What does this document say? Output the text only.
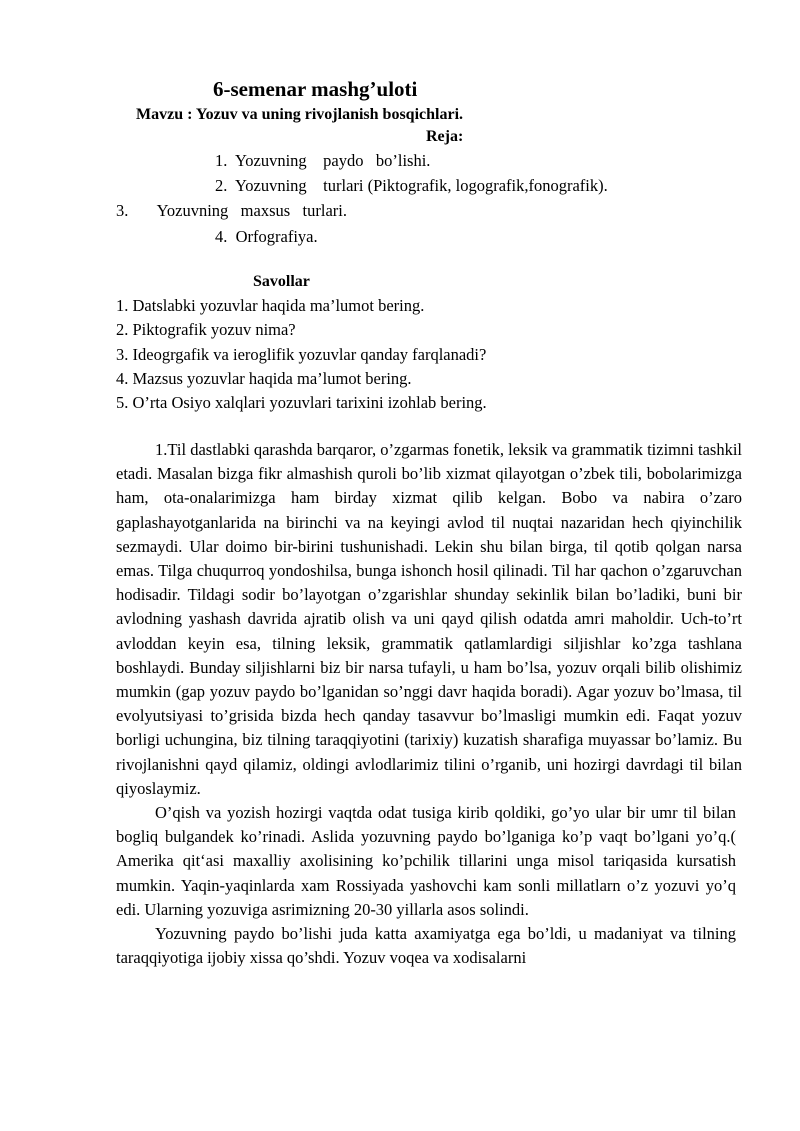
6-semenar mashg’uloti
Mavzu : Yozuv va uning rivojlanish bosqichlari.
Reja:
1.  Yozuvning    paydo   bo’lishi.
2.  Yozuvning    turlari (Piktografik, logografik,fonografik).
3.       Yozuvning   maxsus   turlari.
4.  Orfografiya.
Savollar
1. Datslabki yozuvlar haqida ma’lumot bering.
2. Piktografik yozuv nima?
3. Ideogrgafik va ieroglifik yozuvlar qanday farqlanadi?
4. Mazsus yozuvlar haqida ma’lumot bering.
5. O’rta Osiyo xalqlari yozuvlari tarixini izohlab bering.

1.Til dastlabki qarashda barqaror, o’zgarmas fonetik, leksik va grammatik tizimni tashkil etadi. Masalan bizga fikr almashish quroli bo’lib xizmat qilayotgan o’zbek tili, bobolarimizga ham, ota-onalarimizga ham birday xizmat qilib kelgan. Bobo va nabira o’zaro gaplashayotganlarida na birinchi va na keyingi avlod til nuqtai nazaridan hech qiyinchilik sezmaydi. Ular doimo bir-birini tushunishadi. Lekin shu bilan birga, til qotib qolgan narsa emas. Tilga chuqurroq yondoshilsa, bunga ishonch hosil qilinadi. Til har qachon o’zgaruvchan hodisadir. Tildagi sodir bo’layotgan o’zgarishlar shunday sekinlik bilan bo’ladiki, buni bir avlodning yashash davrida ajratib olish va uni qayd qilish odatda amri maholdir. Uch-to’rt avloddan keyin esa, tilning leksik, grammatik qatlamlardigi siljishlar ko’zga tashlana boshlaydi. Bunday siljishlarni biz bir narsa tufayli, u ham bo’lsa, yozuv orqali bilib olishimiz mumkin (gap yozuv paydo bo’lganidan so’nggi davr haqida boradi). Agar yozuv bo’lmasa, til evolyutsiyasi to’grisida bizda hech qanday tasavvur bo’lmasligi mumkin edi. Faqat yozuv borligi uchungina, biz tilning taraqqiyotini (tarixiy) kuzatish sharafiga muyassar bo’lamiz. Bu rivojlanishni qayd qilamiz, oldingi avlodlarimiz tilini o’rganib, uni hozirgi davrdagi til bilan qiyoslaymiz.

O’qish va yozish hozirgi vaqtda odat tusiga kirib qoldiki, go’yo ular bir umr til bilan bogliq bulgandek ko’rinadi. Aslida yozuvning paydo bo’lganiga ko’p vaqt bo’lgani yo’q.( Amerika qit‘asi maxalliy axolisining ko’pchilik tillarini unga misol tariqasida kursatish mumkin. Yaqin-yaqinlarda xam Rossiyada yashovchi kam sonli millatlarn o’z yozuvi yo’q edi. Ularning yozuviga asrimizning 20-30 yillarla asos solindi.

Yozuvning paydo bo’lishi juda katta axamiyatga ega bo’ldi, u madaniyat va tilning taraqqiyotiga ijobiy xissa qo’shdi. Yozuv voqea va xodisalarni
